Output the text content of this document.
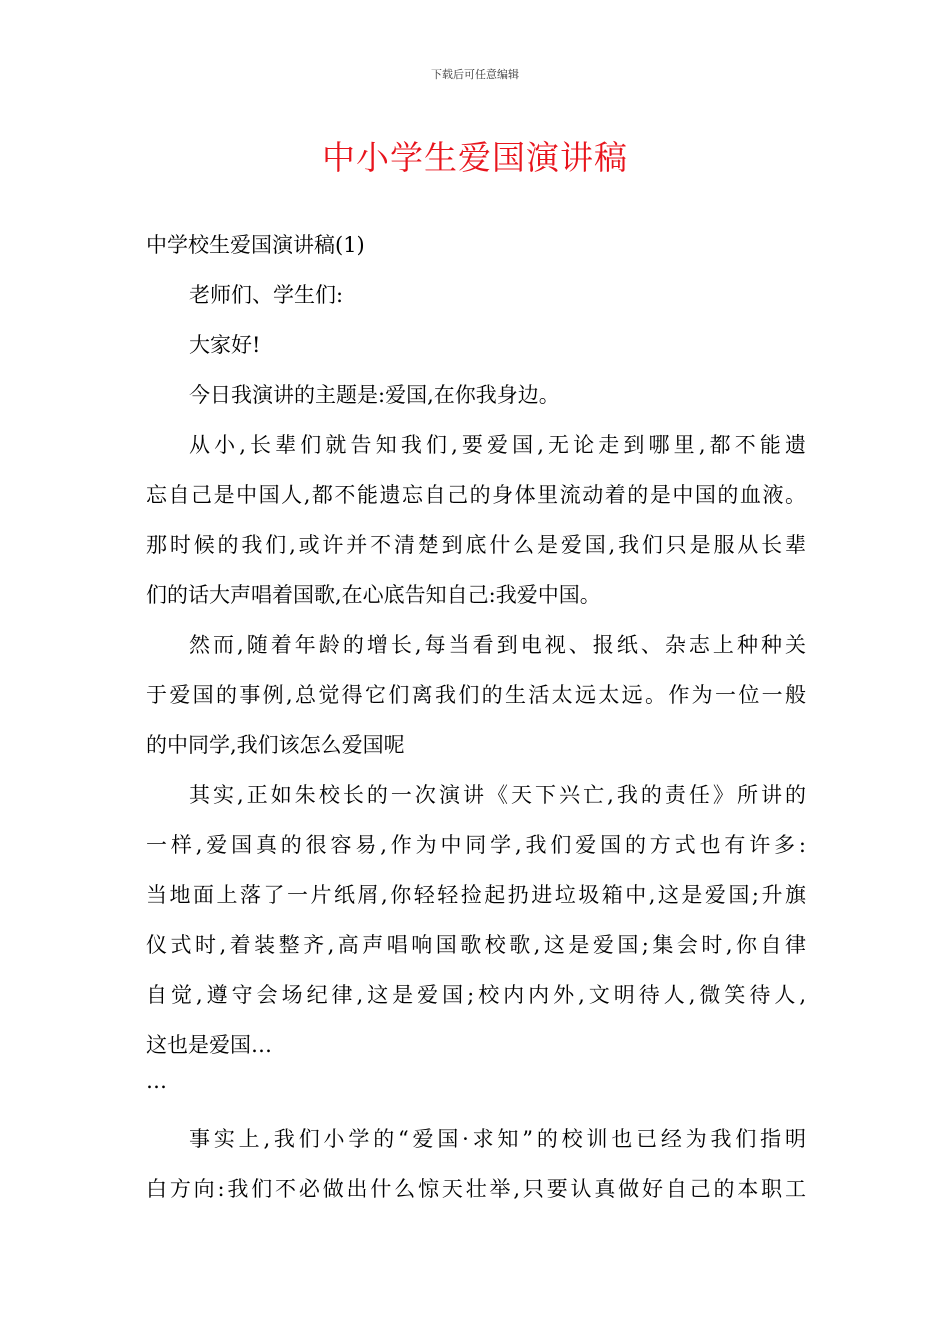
下载后可任意编辑
中小学生爱国演讲稿
中学校生爱国演讲稿(1)
老师们、学生们:
大家好!
今日我演讲的主题是:爱国,在你我身边。
从小,长辈们就告知我们,要爱国,无论走到哪里,都不能遗
忘自己是中国人,都不能遗忘自己的身体里流动着的是中国的血液。
那时候的我们,或许并不清楚到底什么是爱国,我们只是服从长辈
们的话大声唱着国歌,在心底告知自己:我爱中国。
然而,随着年龄的增长,每当看到电视、报纸、杂志上种种关
于爱国的事例,总觉得它们离我们的生活太远太远。作为一位一般
的中同学,我们该怎么爱国呢
其实,正如朱校长的一次演讲《天下兴亡,我的责任》所讲的
一样,爱国真的很容易,作为中同学,我们爱国的方式也有许多:
当地面上落了一片纸屑,你轻轻捡起扔进垃圾箱中,这是爱国;升旗
仪式时,着装整齐,高声唱响国歌校歌,这是爱国;集会时,你自律
自觉,遵守会场纪律,这是爱国;校内内外,文明待人,微笑待人,
这也是爱国…
…
事实上,我们小学的“爱国·求知”的校训也已经为我们指明
白方向:我们不必做出什么惊天壮举,只要认真做好自己的本职工
